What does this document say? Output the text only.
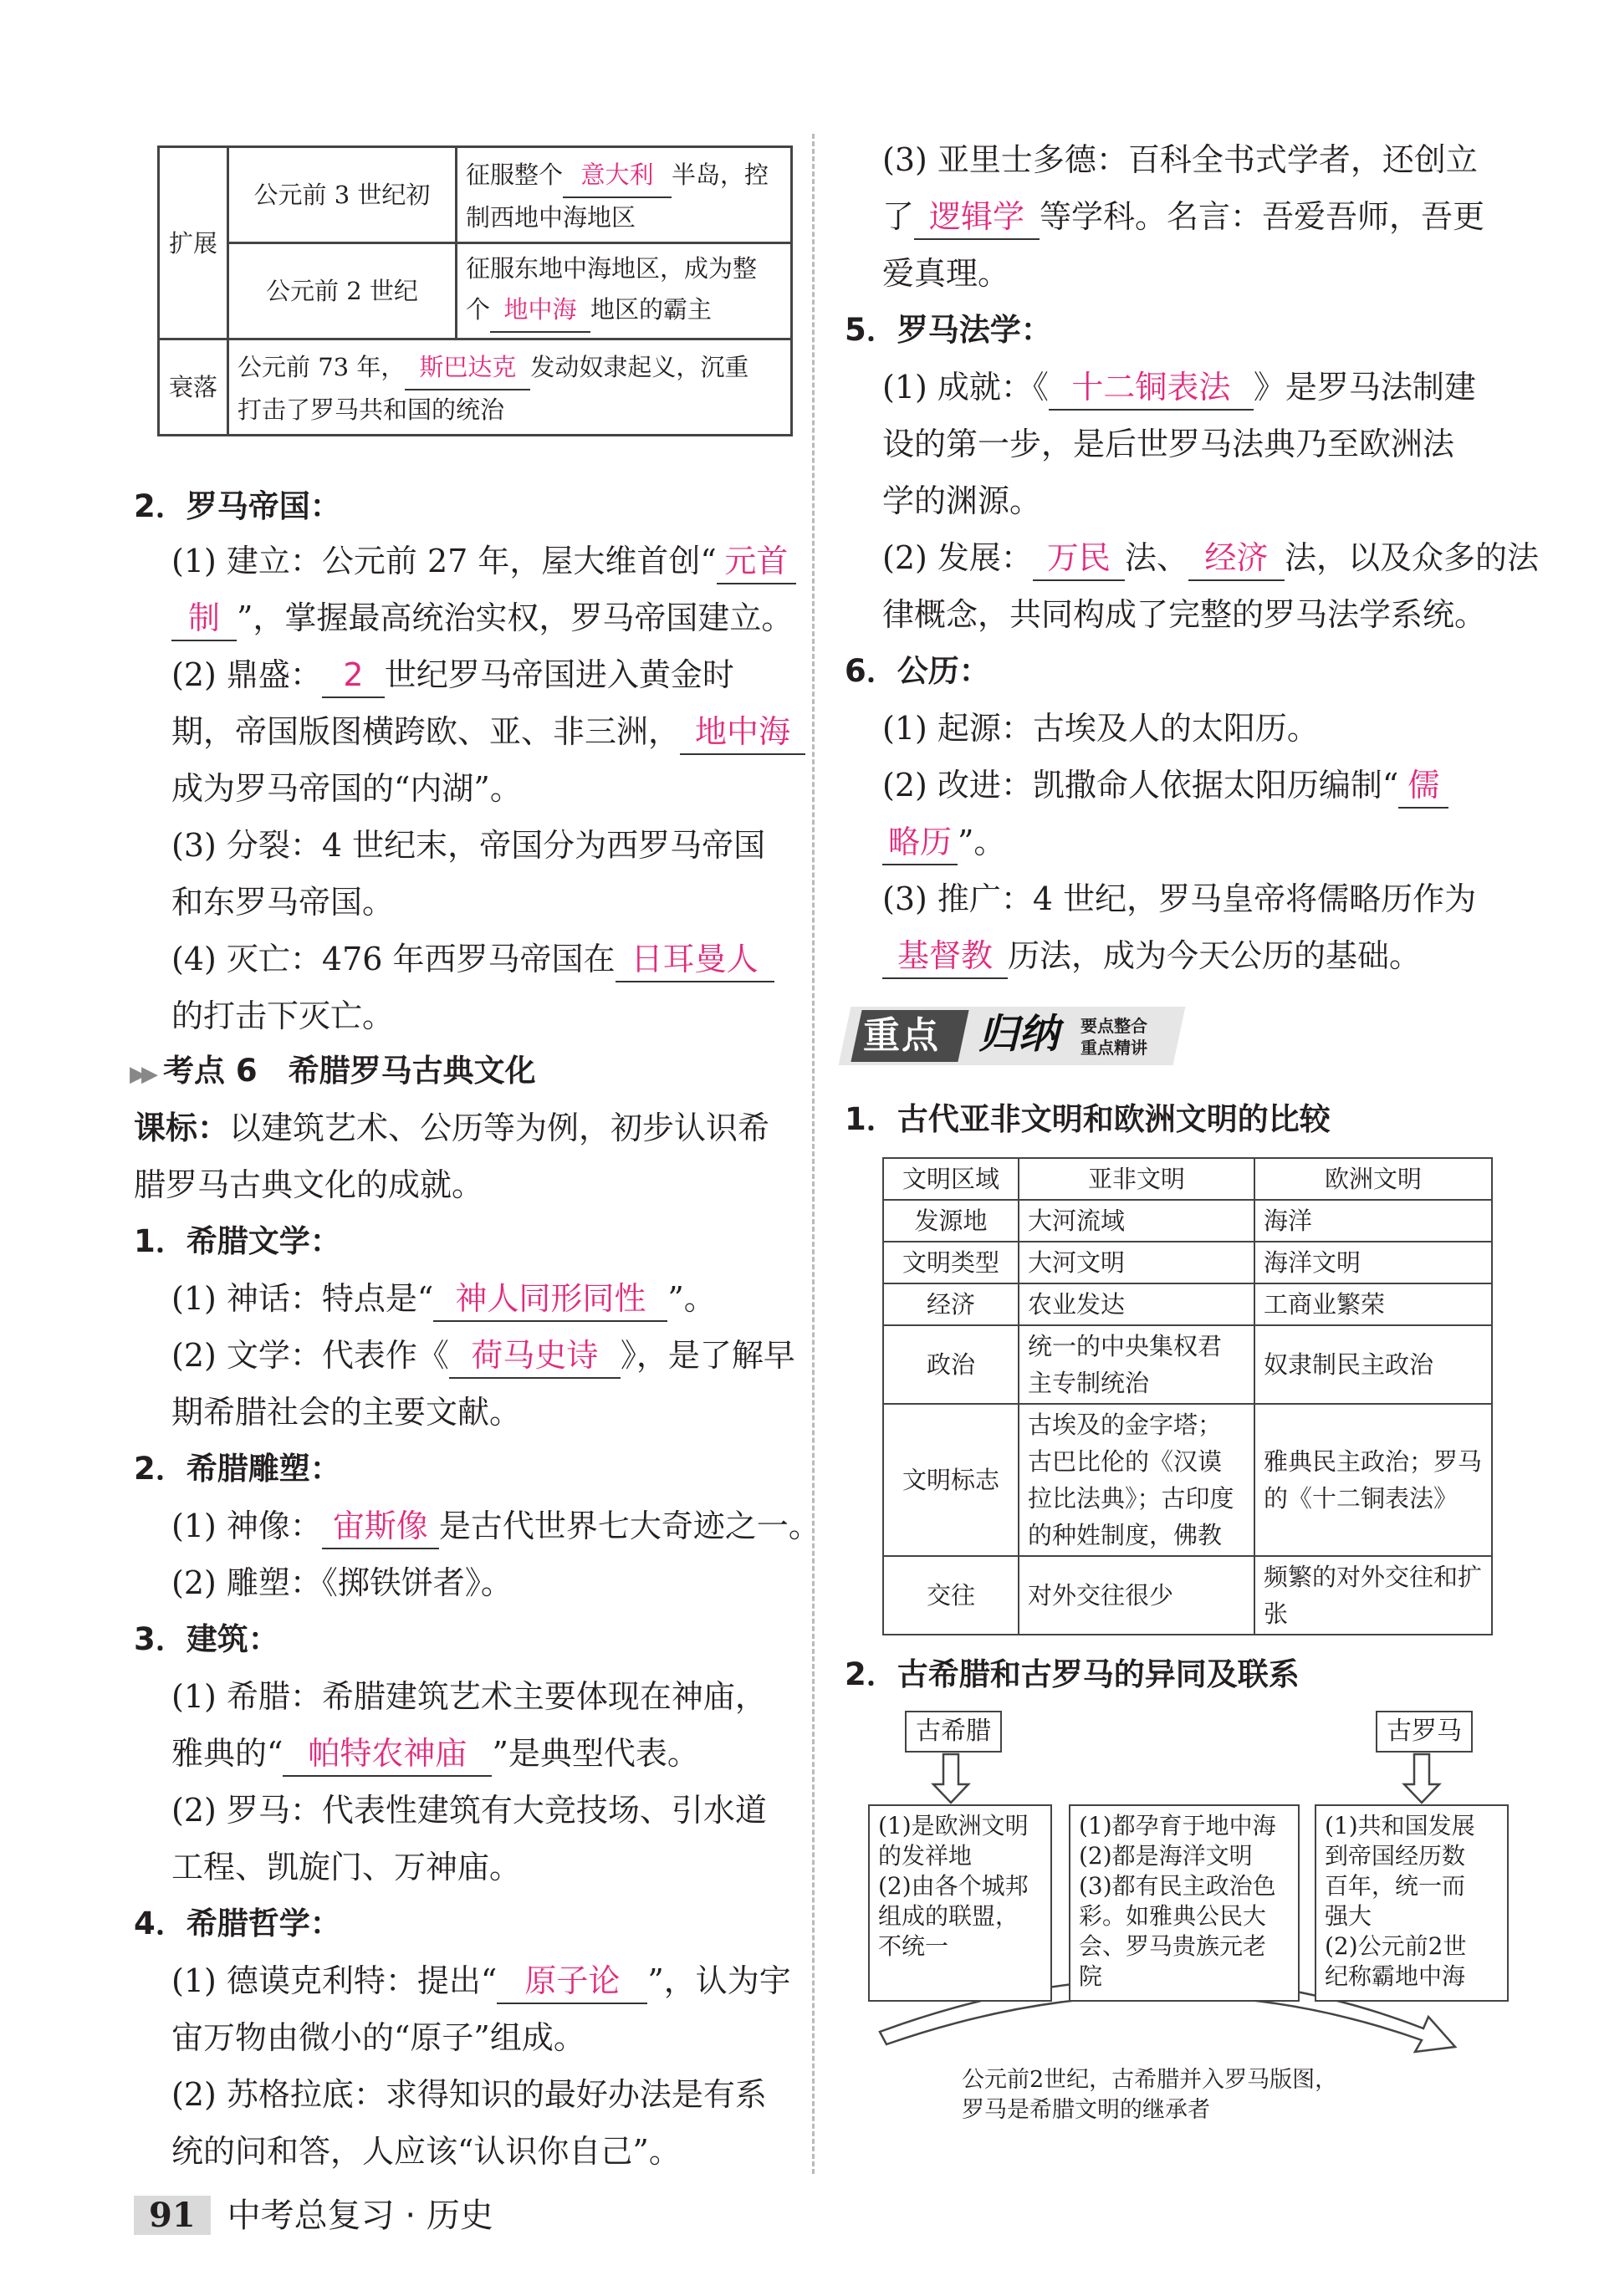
扩展	公元前 3 世纪初	征服整个 意大利 半岛，控
制西地中海地区
	公元前 2 世纪	征服东地中海地区，成为整
个 地中海 地区的霸主
衰落	公元前 73 年， 斯巴达克 发动奴隶起义，沉重
打击了罗马共和国的统治	
2．罗马帝国：
(1) 建立：公元前 27 年，屋大维首创“ 元首
制 ”，掌握最高统治实权，罗马帝国建立。
(2) 鼎盛： 2 世纪罗马帝国进入黄金时
期，帝国版图横跨欧、亚、非三洲， 地中海
成为罗马帝国的“内湖”。
(3) 分裂：4 世纪末，帝国分为西罗马帝国
和东罗马帝国。
(4) 灭亡：476 年西罗马帝国在 日耳曼人
的打击下灭亡。
▶▶ 考点 6　希腊罗马古典文化
课标：以建筑艺术、公历等为例，初步认识希
腊罗马古典文化的成就。
1．希腊文学：
(1) 神话：特点是“ 神人同形同性 ”。
(2) 文学：代表作《 荷马史诗 》，是了解早
期希腊社会的主要文献。
2．希腊雕塑：
(1) 神像： 宙斯像 是古代世界七大奇迹之一。
(2) 雕塑：《掷铁饼者》。
3．建筑：
(1) 希腊：希腊建筑艺术主要体现在神庙，
雅典的“ 帕特农神庙 ”是典型代表。
(2) 罗马：代表性建筑有大竞技场、引水道
工程、凯旋门、万神庙。
4．希腊哲学：
(1) 德谟克利特：提出“ 原子论 ”，认为宇
宙万物由微小的“原子”组成。
(2) 苏格拉底：求得知识的最好办法是有系
统的问和答，人应该“认识你自己”。
(3) 亚里士多德：百科全书式学者，还创立
了 逻辑学 等学科。名言：吾爱吾师，吾更
爱真理。
5．罗马法学：
(1) 成就：《 十二铜表法 》是罗马法制建
设的第一步，是后世罗马法典乃至欧洲法
学的渊源。
(2) 发展： 万民 法、 经济 法，以及众多的法
律概念，共同构成了完整的罗马法学系统。
6．公历：
(1) 起源：古埃及人的太阳历。
(2) 改进：凯撒命人依据太阳历编制“ 儒
略历 ”。
(3) 推广：4 世纪，罗马皇帝将儒略历作为
基督教 历法，成为今天公历的基础。
重点 归纳 要点整合
重点精讲
1．古代亚非文明和欧洲文明的比较
2．古希腊和古罗马的异同及联系
文明区域	亚非文明	欧洲文明
发源地	大河流域	海洋
文明类型	大河文明	海洋文明
经济	农业发达	工商业繁荣
政治	统一的中央集权君主专制统治	奴隶制民主政治
文明标志	古埃及的金字塔；古巴比伦的《汉谟拉比法典》；古印度的种姓制度，佛教	雅典民主政治；罗马的《十二铜表法》
交往	对外交往很少	频繁的对外交往和扩张
古希腊	古罗马
(1)是欧洲文明
的发祥地
(2)由各个城邦
组成的联盟，
不统一
(1)都孕育于地中海
(2)都是海洋文明
(3)都有民主政治色
彩。如雅典公民大
会、罗马贵族元老
院
(1)共和国发展
到帝国经历数
百年，统一而
强大
(2)公元前2世
纪称霸地中海
公元前2世纪，古希腊并入罗马版图，
罗马是希腊文明的继承者
91 中考总复习 · 历史
